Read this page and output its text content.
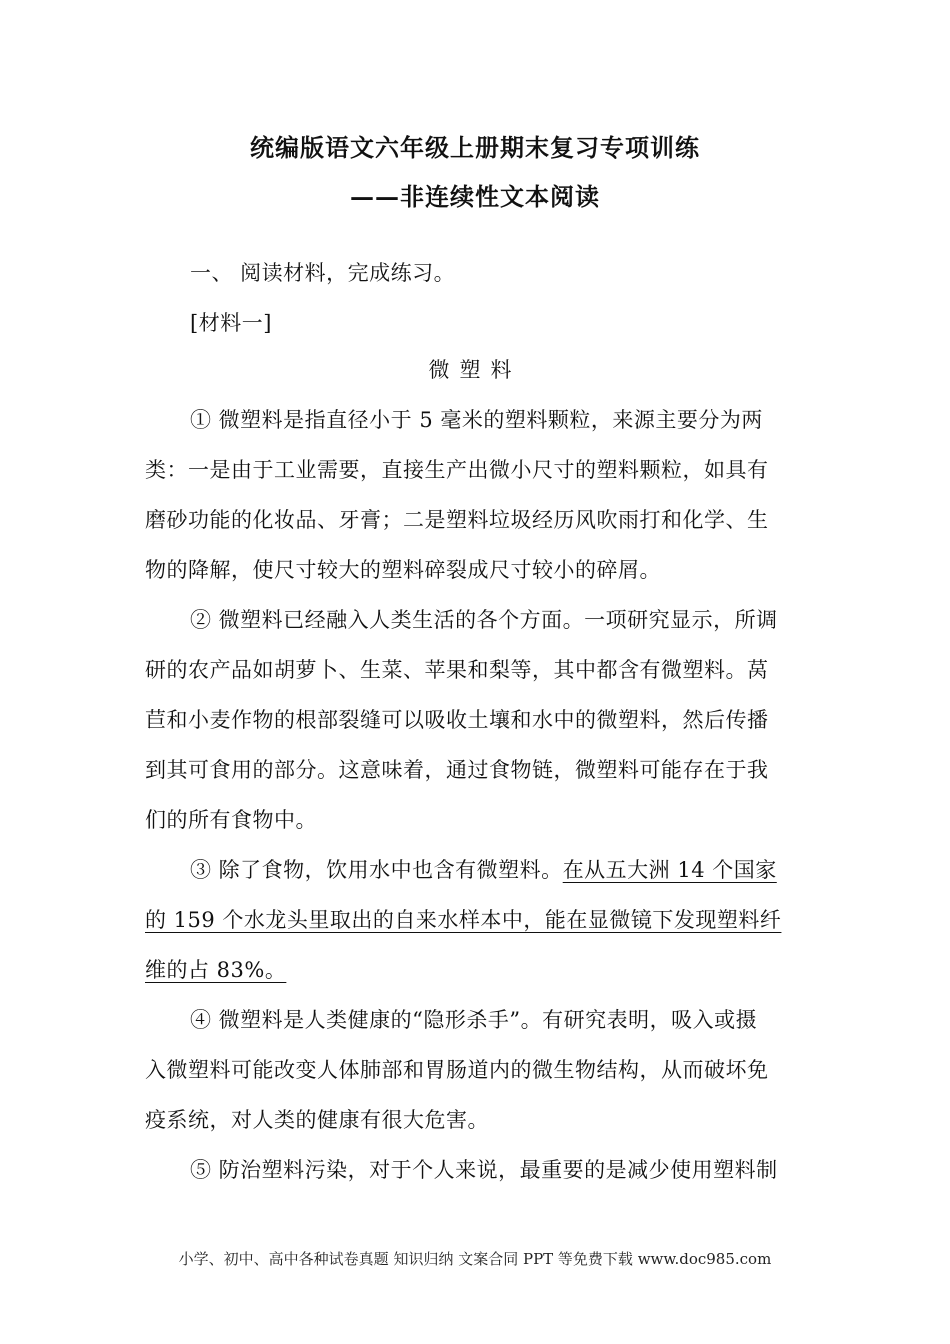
统编版语文六年级上册期末复习专项训练
——非连续性文本阅读
一、 阅读材料，完成练习。
[材料一]
微塑料
① 微塑料是指直径小于 5 毫米的塑料颗粒，来源主要分为两
类：一是由于工业需要，直接生产出微小尺寸的塑料颗粒，如具有
磨砂功能的化妆品、牙膏；二是塑料垃圾经历风吹雨打和化学、生
物的降解，使尺寸较大的塑料碎裂成尺寸较小的碎屑。
② 微塑料已经融入人类生活的各个方面。一项研究显示，所调
研的农产品如胡萝卜、生菜、苹果和梨等，其中都含有微塑料。莴
苣和小麦作物的根部裂缝可以吸收土壤和水中的微塑料，然后传播
到其可食用的部分。这意味着，通过食物链，微塑料可能存在于我
们的所有食物中。
③ 除了食物，饮用水中也含有微塑料。在从五大洲 14 个国家
的 159 个水龙头里取出的自来水样本中，能在显微镜下发现塑料纤
维的占 83%。
④ 微塑料是人类健康的“隐形杀手”。有研究表明，吸入或摄
入微塑料可能改变人体肺部和胃肠道内的微生物结构，从而破坏免
疫系统，对人类的健康有很大危害。
⑤ 防治塑料污染，对于个人来说，最重要的是减少使用塑料制
小学、初中、高中各种试卷真题 知识归纳 文案合同 PPT 等免费下载 www.doc985.com
